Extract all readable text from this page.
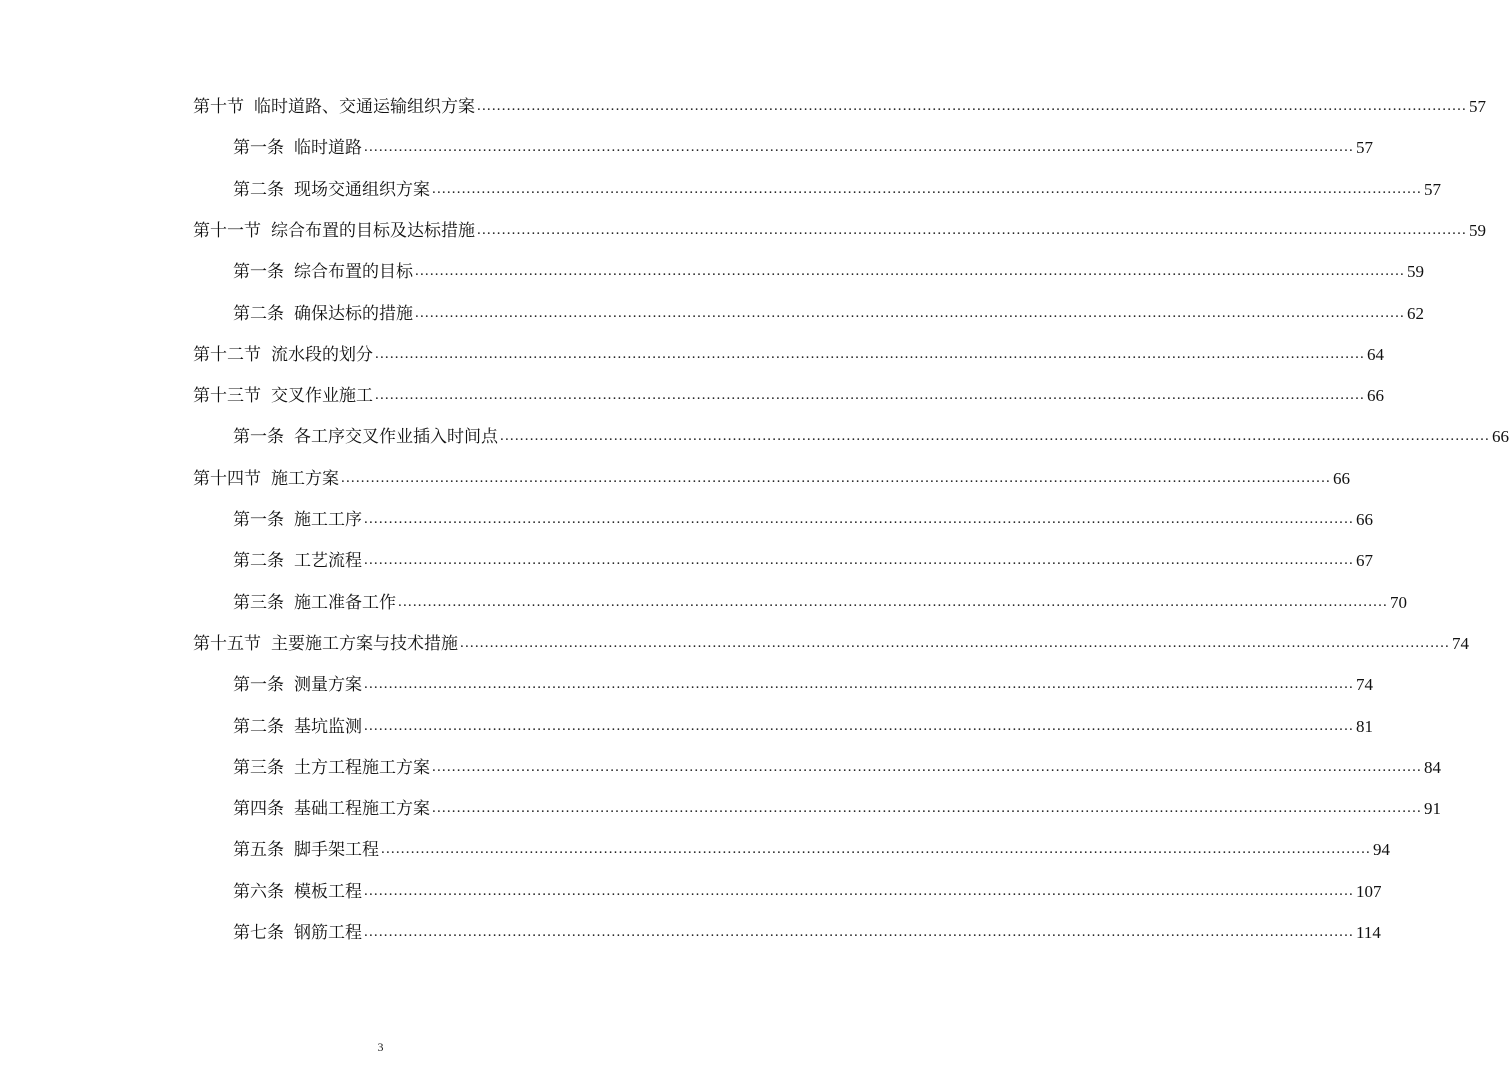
第十节 临时道路、交通运输组织方案 ........................................................................................................................................................................................................ 57
第一条 临时道路 ........................................................................................................................................................................................................ 57
第二条 现场交通组织方案 ........................................................................................................................................................................................................ 57
第十一节 综合布置的目标及达标措施 ........................................................................................................................................................................................................ 59
第一条 综合布置的目标 ........................................................................................................................................................................................................ 59
第二条 确保达标的措施 ........................................................................................................................................................................................................ 62
第十二节 流水段的划分 ........................................................................................................................................................................................................ 64
第十三节 交叉作业施工 ........................................................................................................................................................................................................ 66
第一条 各工序交叉作业插入时间点 ........................................................................................................................................................................................................ 66
第十四节 施工方案 ........................................................................................................................................................................................................ 66
第一条 施工工序 ........................................................................................................................................................................................................ 66
第二条 工艺流程 ........................................................................................................................................................................................................ 67
第三条 施工准备工作 ........................................................................................................................................................................................................ 70
第十五节 主要施工方案与技术措施 ........................................................................................................................................................................................................ 74
第一条 测量方案 ........................................................................................................................................................................................................ 74
第二条 基坑监测 ........................................................................................................................................................................................................ 81
第三条 土方工程施工方案 ........................................................................................................................................................................................................ 84
第四条 基础工程施工方案 ........................................................................................................................................................................................................ 91
第五条 脚手架工程 ........................................................................................................................................................................................................ 94
第六条 模板工程 ........................................................................................................................................................................................................ 107
第七条 钢筋工程 ........................................................................................................................................................................................................ 114
3
